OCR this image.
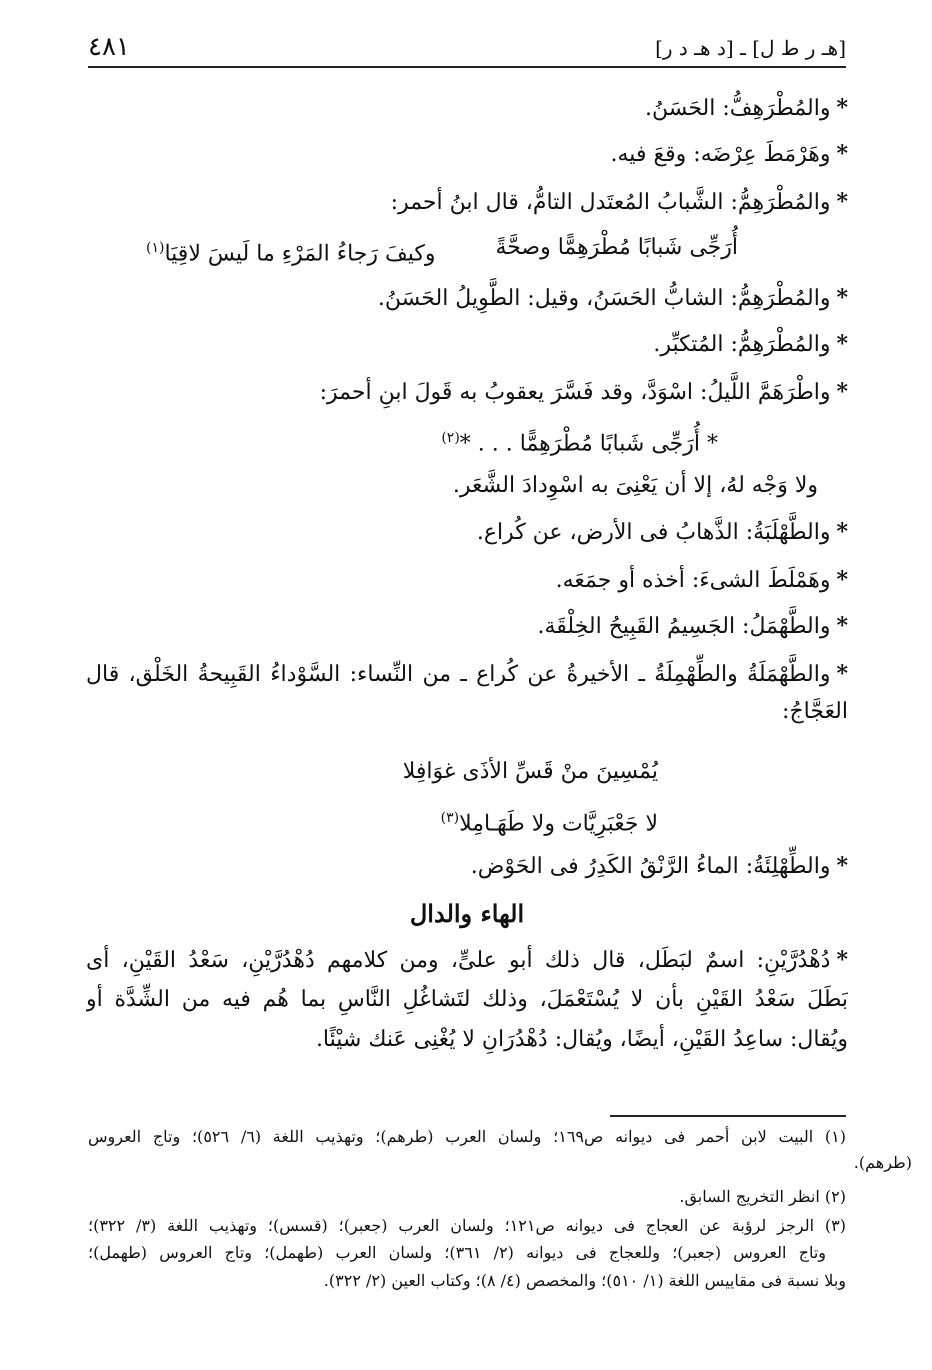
٤٨١	[هـ ر ط ل] ـ [د هـ د ر]
*والمُطْرَهِفُّ: الحَسَنُ.
*وهَرْمَطَ عِرْضَه: وقعَ فيه.
*والمُطْرَهِمُّ: الشَّبابُ المُعتَدل التامُّ، قال ابنُ أحمر:
أُرَجِّى شَبابًا مُطْرَهِمًّا وصحَّةً
وكيفَ رَجاءُ المَرْءِ ما لَيسَ لاقِيَا$^{(١)}$
*والمُطْرَهِمُّ: الشابُّ الحَسَنُ، وقيل: الطَّوِيلُ الحَسَنُ.
*والمُطْرَهِمُّ: المُتكبِّر.
*واطْرَهَمَّ اللَّيلُ: اسْوَدَّ، وقد فَسَّرَ يعقوبُ به قَولَ ابنِ أحمرَ:
* أُرَجِّى شَبابًا مُطْرَهِمًّا . . . *$^{(٢)}$
ولا وَجْه لهُ، إلا أن يَعْنِىَ به اسْوِدادَ الشَّعَر.
*والطَّهْلَبَةُ: الذَّهابُ فى الأرض، عن كُراع.
*وهَمْلَطَ الشىءَ: أخذه أو جمَعَه.
*والطَّهْمَلُ: الجَسِيمُ القَبِيحُ الخِلْقَة.
*والطَّهْمَلَةُ والطِّهْمِلَةُ ـ الأخيرةُ عن كُراع ـ من النِّساء: السَّوْداءُ القَبِيحةُ الخَلْق، قال
العَجَّاجُ:
يُمْسِينَ منْ قَسِّ الأذَى غوَافِلا
لا جَعْبَرِيَّات ولا طَهَـامِلا$^{(٣)}$
*والطِّهْلِئَةُ: الماءُ الرَّنْقُ الكَدِرُ فى الحَوْض.
الهاء والدال
*دُهْدُرَّيْنِ: اسمٌ لبَطَل، قال ذلك أبو علىٍّ، ومن كلامهم دُهْدُرَّيْنِ، سَعْدُ القَيْنِ، أى
بَطَلَ سَعْدُ القَيْنِ بأن لا يُسْتَعْمَلَ، وذلك لتَشاغُلِ النَّاسِ بما هُم فيه من الشِّدَّة أو
ويُقال: ساعِدُ القَيْنِ، أيضًا، ويُقال: دُهْدُرَانِ لا يُغْنِى عَنك شيْئًا.
(١) البيت لابن أحمر فى ديوانه ص١٦٩؛ ولسان العرب (طرهم)؛ وتهذيب اللغة (٦/ ٥٢٦)؛ وتاج العروس
(طرهم).
(٢) انظر التخريج السابق.
(٣) الرجز لرؤبة عن العجاج فى ديوانه ص١٢١؛ ولسان العرب (جعبر)؛ (قسس)؛ وتهذيب اللغة (٣/ ٣٢٢)؛
وتاج العروس (جعبر)؛ وللعجاج فى ديوانه (٢/ ٣٦١)؛ ولسان العرب (طهمل)؛ وتاج العروس (طهمل)؛
وبلا نسبة فى مقاييس اللغة (١/ ٥١٠)؛ والمخصص (٤/ ٨)؛ وكتاب العين (٢/ ٣٢٢).
